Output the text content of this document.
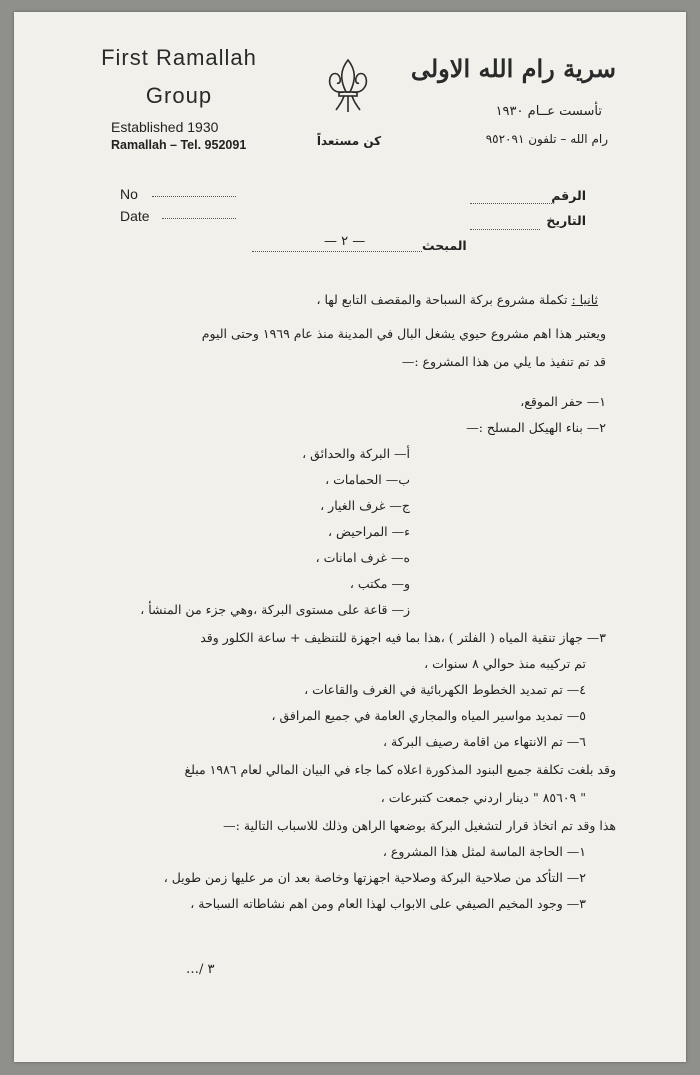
First Ramallah
Group
Established 1930
Ramallah – Tel. 952091	كن مستعداً
سرية رام الله الاولى
تأسست عــام ١٩٣٠
رام الله – تلفون ٩٥٢٠٩١
No
Date
الرقم
التاريخ
المبحث
— ٢ —
ثانيا : تكملة مشروع بركة السباحة والمقصف التابع لها ،
ويعتبر هذا اهم مشروع حيوي يشغل البال في المدينة منذ عام ١٩٦٩ وحتى اليوم
قد تم تنفيذ ما يلي من هذا المشروع :—
١— حفر الموقع،
٢— بناء الهيكل المسلح :—
أ— البركة والحدائق ،
ب— الحمامات ،
ج— غرف الغيار ،
ء— المراحيض ،
ه— غرف امانات ،
و— مكتب ،
ز— قاعة على مستوى البركة ،وهي جزء من المنشأ ،
٣— جهاز تنقية المياه ( الفلتر ) ،هذا بما فيه اجهزة للتنظيف + ساعة الكلور وقد
تم تركيبه منذ حوالي ٨ سنوات ،
٤— تم تمديد الخطوط الكهربائية في الغرف والقاعات ،
٥— تمديد مواسير المياه والمجاري العامة في جميع المرافق ،
٦— تم الانتهاء من اقامة رصيف البركة ،
وقد بلغت تكلفة جميع البنود المذكورة اعلاه كما جاء في البيان المالي لعام ١٩٨٦ مبلغ
" ٨٥٦٠٩ " دينار اردني جمعت كتبرعات ،
هذا وقد تم اتخاذ قرار لتشغيل البركة بوضعها الراهن وذلك للاسباب التالية :—
١— الحاجة الماسة لمثل هذا المشروع ،
٢— التأكد من صلاحية البركة وصلاحية اجهزتها وخاصة بعد ان مر عليها زمن طويل ،
٣— وجود المخيم الصيفي على الابواب لهذا العام ومن اهم نشاطاته السباحة ،
٣ /…
